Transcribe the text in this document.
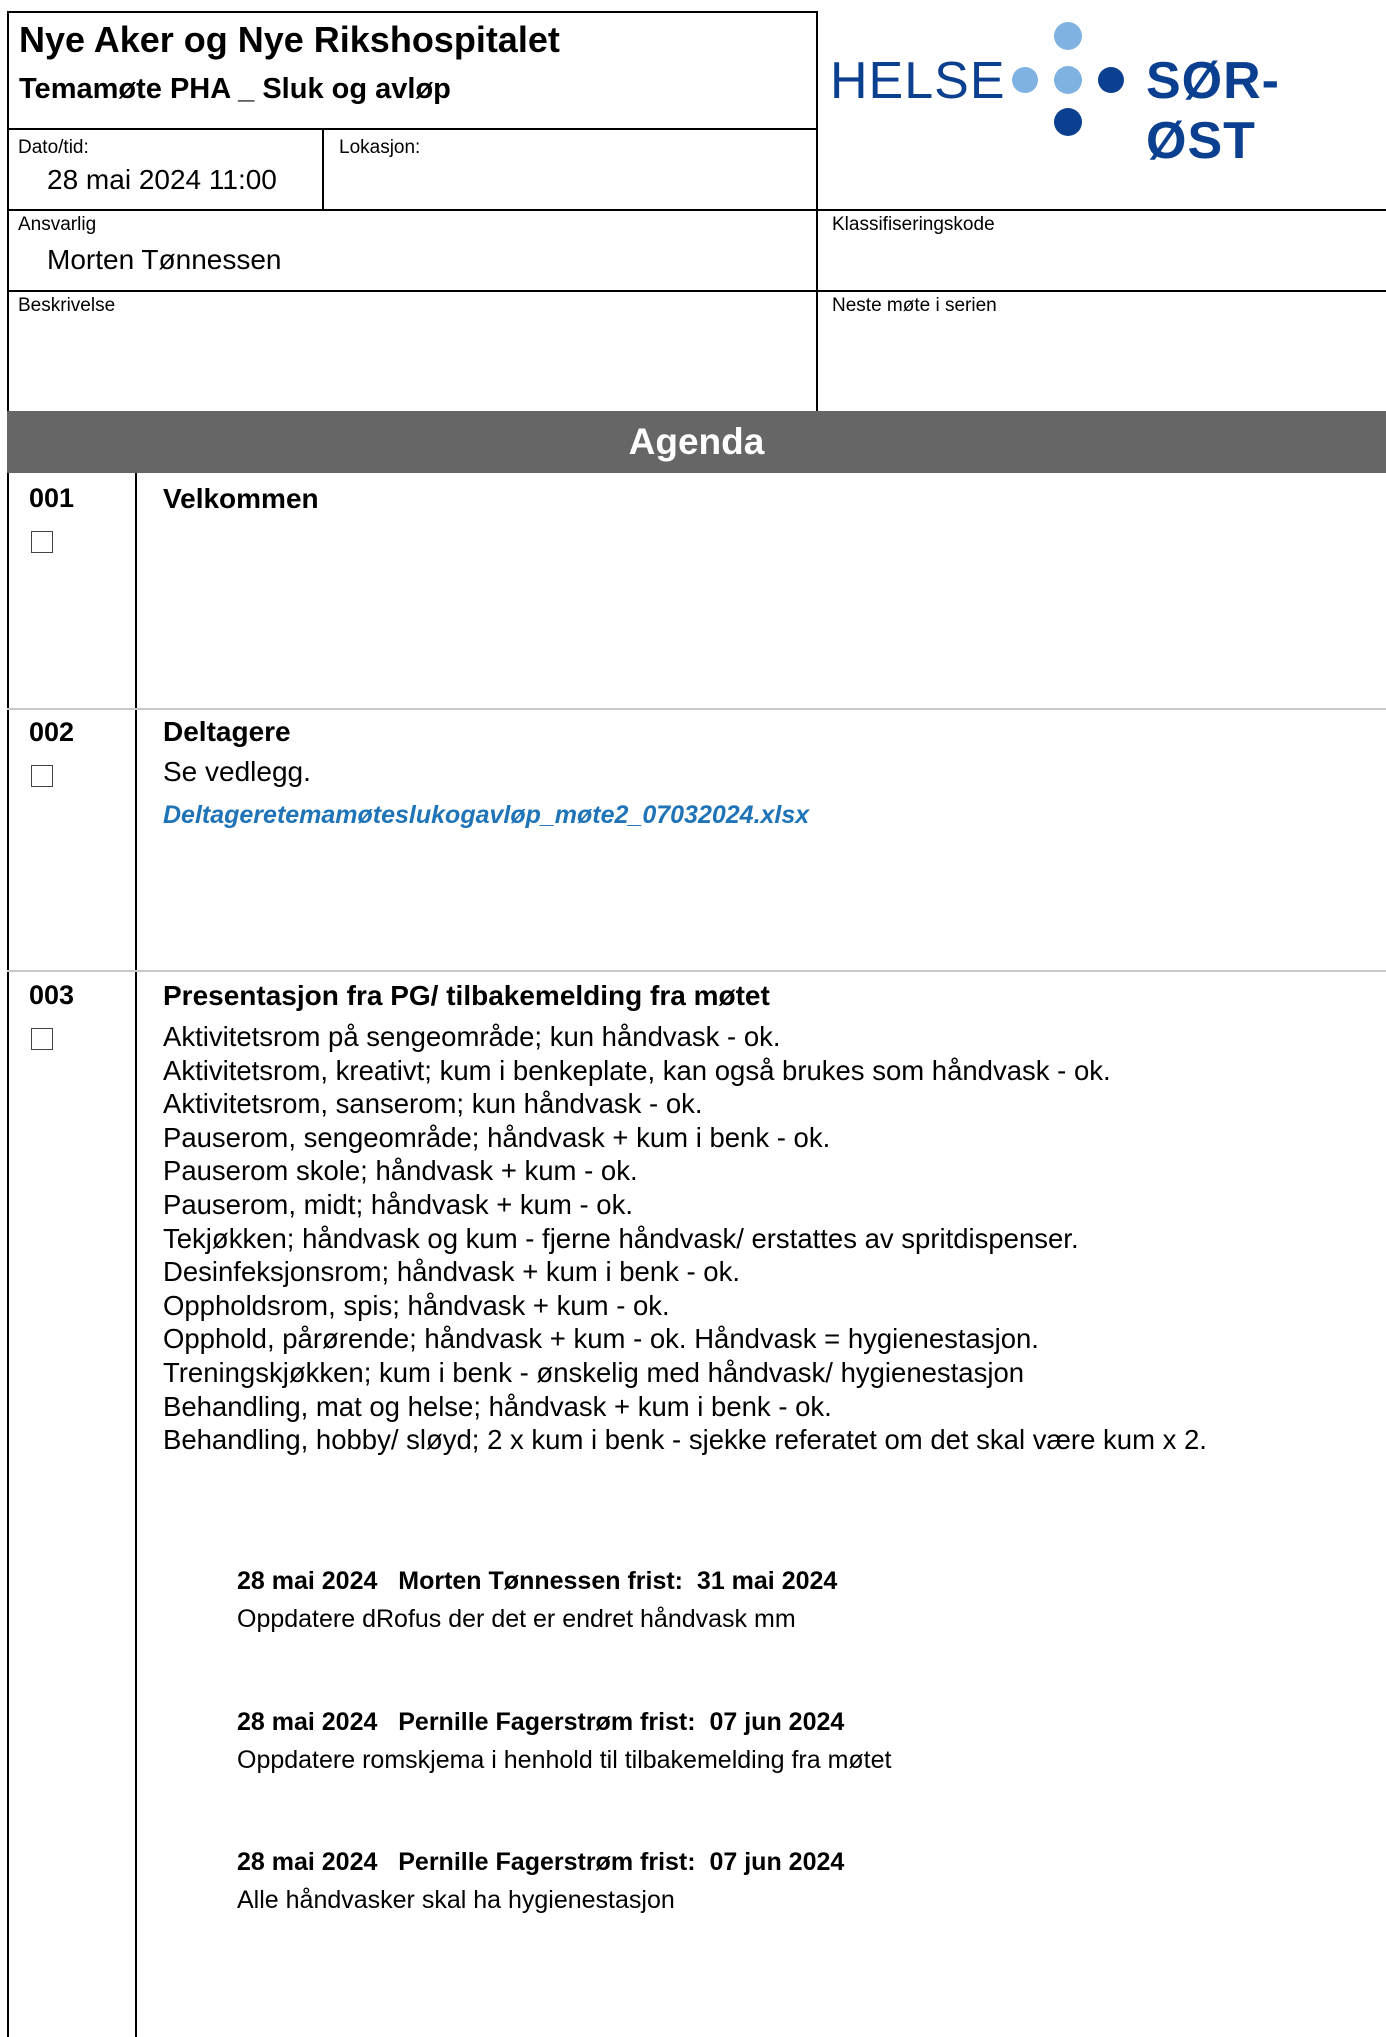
Nye Aker og Nye Rikshospitalet
Temamøte PHA _ Sluk og avløp	HELSE	SØR-ØST
Dato/tid:
28 mai 2024 11:00
Lokasjon:
Ansvarlig
Morten Tønnessen
Klassifiseringskode
Beskrivelse	Neste møte i serien
Agenda
001	Velkommen
002	Deltagere
Se vedlegg.
Deltageretemamøteslukogavløp_møte2_07032024.xlsx
003	Presentasjon fra PG/ tilbakemelding fra møtet
Aktivitetsrom på sengeområde; kun håndvask - ok.
Aktivitetsrom, kreativt; kum i benkeplate, kan også brukes som håndvask - ok.
Aktivitetsrom, sanserom; kun håndvask - ok.
Pauserom, sengeområde; håndvask + kum i benk - ok.
Pauserom skole; håndvask + kum - ok.
Pauserom, midt; håndvask + kum - ok.
Tekjøkken; håndvask og kum - fjerne håndvask/ erstattes av spritdispenser.
Desinfeksjonsrom; håndvask + kum i benk - ok.
Oppholdsrom, spis; håndvask + kum - ok.
Opphold, pårørende; håndvask + kum - ok. Håndvask = hygienestasjon.
Treningskjøkken; kum i benk - ønskelig med håndvask/ hygienestasjon
Behandling, mat og helse; håndvask + kum i benk - ok.
Behandling, hobby/ sløyd; 2 x kum i benk - sjekke referatet om det skal være kum x 2.
28 mai 2024 Morten Tønnessen frist: 31 mai 2024
Oppdatere dRofus der det er endret håndvask mm
28 mai 2024 Pernille Fagerstrøm frist: 07 jun 2024
Oppdatere romskjema i henhold til tilbakemelding fra møtet
28 mai 2024 Pernille Fagerstrøm frist: 07 jun 2024
Alle håndvasker skal ha hygienestasjon
